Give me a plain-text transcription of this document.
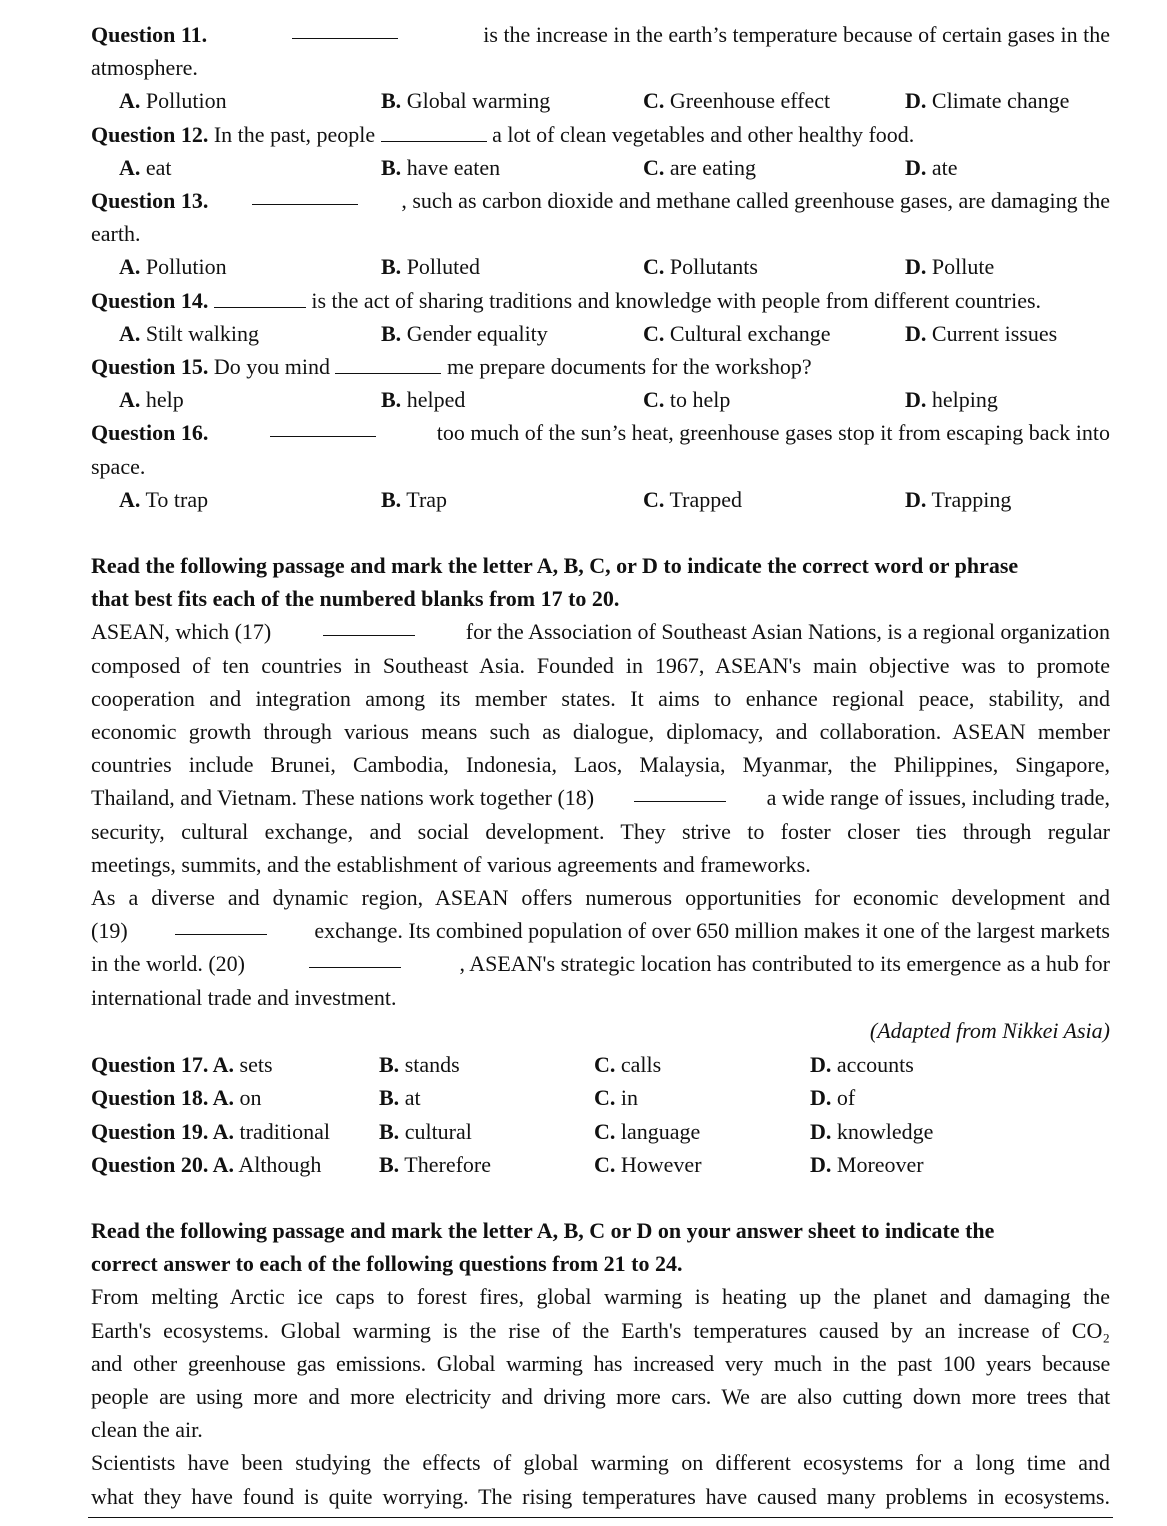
Question 11.	is the increase in the earth’s temperature because of certain gases in the
atmosphere.
A. Pollution	B. Global warming	C. Greenhouse effect	D. Climate change
Question 12. In the past, people	a lot of clean vegetables and other healthy food.
A. eat	B. have eaten	C. are eating	D. ate
Question 13.	, such as carbon dioxide and methane called greenhouse gases, are damaging the
earth.
A. Pollution	B. Polluted	C. Pollutants	D. Pollute
Question 14.	is the act of sharing traditions and knowledge with people from different countries.
A. Stilt walking	B. Gender equality	C. Cultural exchange	D. Current issues
Question 15. Do you mind	me prepare documents for the workshop?
A. help	B. helped	C. to help	D. helping
Question 16.	too much of the sun’s heat, greenhouse gases stop it from escaping back into
space.
A. To trap	B. Trap	C. Trapped	D. Trapping
Read the following passage and mark the letter A, B, C, or D to indicate the correct word or phrase
that best fits each of the numbered blanks from 17 to 20.
ASEAN, which (17)	for the Association of Southeast Asian Nations, is a regional organization
composed of ten countries in Southeast Asia. Founded in 1967, ASEAN's main objective was to promote
cooperation and integration among its member states. It aims to enhance regional peace, stability, and
economic growth through various means such as dialogue, diplomacy, and collaboration. ASEAN member
countries include Brunei, Cambodia, Indonesia, Laos, Malaysia, Myanmar, the Philippines, Singapore,
Thailand, and Vietnam. These nations work together (18)	a wide range of issues, including trade,
security, cultural exchange, and social development. They strive to foster closer ties through regular
meetings, summits, and the establishment of various agreements and frameworks.
As a diverse and dynamic region, ASEAN offers numerous opportunities for economic development and
(19)	exchange. Its combined population of over 650 million makes it one of the largest markets
in the world. (20)	, ASEAN's strategic location has contributed to its emergence as a hub for
international trade and investment.
(Adapted from Nikkei Asia)
Question 17. A. sets	B. stands	C. calls	D. accounts
Question 18. A. on	B. at	C. in	D. of
Question 19. A. traditional	B. cultural	C. language	D. knowledge
Question 20. A. Although	B. Therefore	C. However	D. Moreover
Read the following passage and mark the letter A, B, C or D on your answer sheet to indicate the
correct answer to each of the following questions from 21 to 24.
From melting Arctic ice caps to forest fires, global warming is heating up the planet and damaging the
Earth's ecosystems. Global warming is the rise of the Earth's temperatures caused by an increase of CO₂
and other greenhouse gas emissions. Global warming has increased very much in the past 100 years because
people are using more and more electricity and driving more cars. We are also cutting down more trees that
clean the air.
Scientists have been studying the effects of global warming on different ecosystems for a long time and
what they have found is quite worrying. The rising temperatures have caused many problems in ecosystems.
